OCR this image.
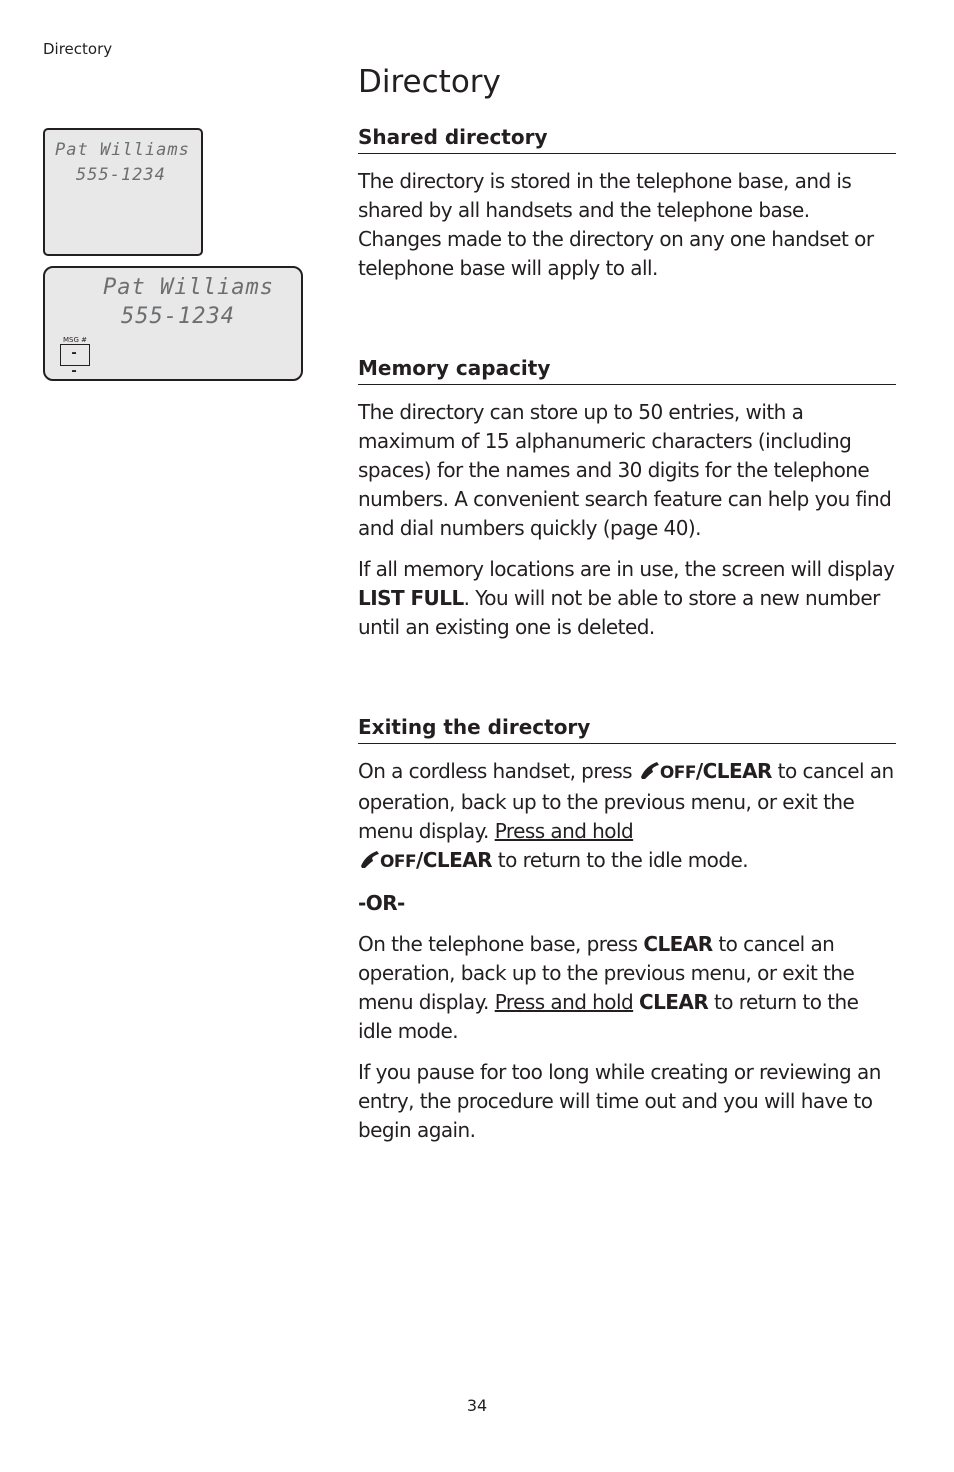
Directory
Directory
Pat Williams
555-1234
Pat Williams
555-1234
MSG #
- -
Shared directory

The directory is stored in the telephone base, and is shared by all handsets and the telephone base. Changes made to the directory on any one handset or telephone base will apply to all.

Memory capacity

The directory can store up to 50 entries, with a maximum of 15 alphanumeric characters (including spaces) for the names and 30 digits for the telephone numbers. A convenient search feature can help you find and dial numbers quickly (page 40).

If all memory locations are in use, the screen will display LIST FULL. You will not be able to store a new number until an existing one is deleted.

Exiting the directory

On a cordless handset, press OFF/CLEAR to cancel an operation, back up to the previous menu, or exit the menu display. Press and hold
OFF/CLEAR to return to the idle mode.

-OR-

On the telephone base, press CLEAR to cancel an operation, back up to the previous menu, or exit the menu display. Press and hold CLEAR to return to the idle mode.

If you pause for too long while creating or reviewing an entry, the procedure will time out and you will have to begin again.

34
